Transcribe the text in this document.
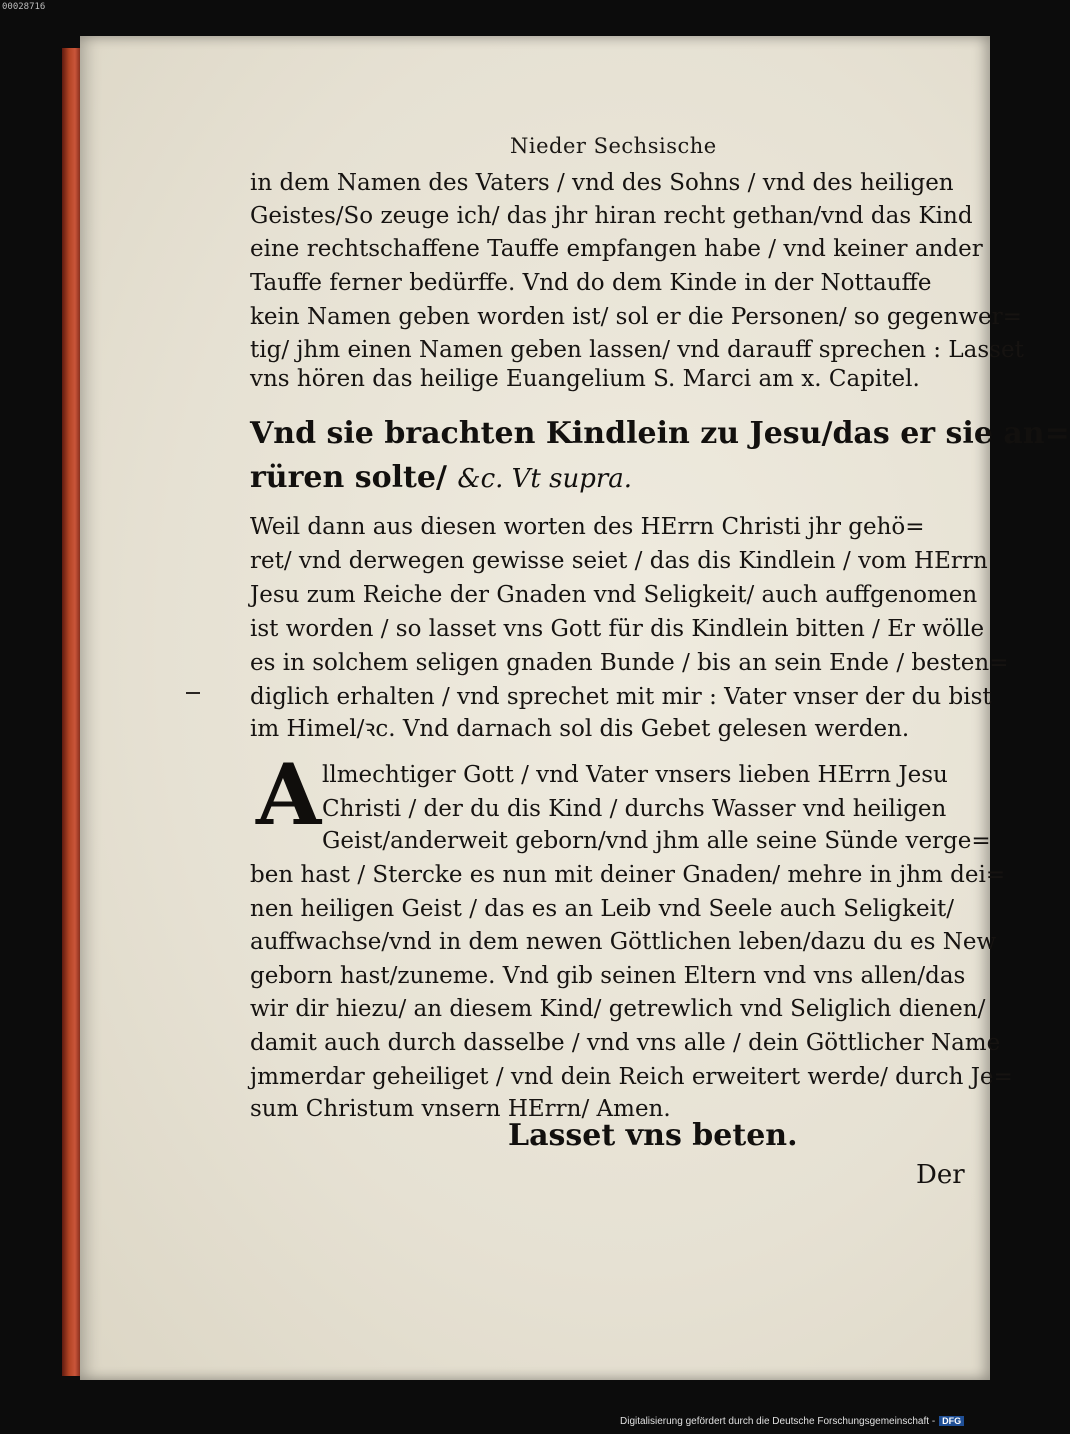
00028716
Nieder Sechsische
in dem Namen des Vaters / vnd des Sohns / vnd des heiligen
Geistes/So zeuge ich/ das jhr hiran recht gethan/vnd das Kind
eine rechtschaffene Tauffe empfangen habe / vnd keiner ander
Tauffe ferner bedürffe. Vnd do dem Kinde in der Nottauffe
kein Namen geben worden ist/ sol er die Personen/ so gegenwer=
tig/ jhm einen Namen geben lassen/ vnd darauff sprechen : Lasset
vns hören das heilige Euangelium S. Marci am x. Capitel.
Vnd sie brachten Kindlein zu Jesu/das er sie an=
rüren solte/ &c. Vt supra.
Weil dann aus diesen worten des HErrn Christi jhr gehö=
ret/ vnd derwegen gewisse seiet / das dis Kindlein / vom HErrn
Jesu zum Reiche der Gnaden vnd Seligkeit/ auch auffgenomen
ist worden / so lasset vns Gott für dis Kindlein bitten / Er wölle
es in solchem seligen gnaden Bunde / bis an sein Ende / besten=
diglich erhalten / vnd sprechet mit mir : Vater vnser der du bist
im Himel/ꝛc. Vnd darnach sol dis Gebet gelesen werden.
A llmechtiger Gott / vnd Vater vnsers lieben HErrn Jesu
Christi / der du dis Kind / durchs Wasser vnd heiligen
Geist/anderweit geborn/vnd jhm alle seine Sünde verge=
ben hast / Stercke es nun mit deiner Gnaden/ mehre in jhm dei=
nen heiligen Geist / das es an Leib vnd Seele auch Seligkeit/
auffwachse/vnd in dem newen Göttlichen leben/dazu du es New
geborn hast/zuneme. Vnd gib seinen Eltern vnd vns allen/das
wir dir hiezu/ an diesem Kind/ getrewlich vnd Seliglich dienen/
damit auch durch dasselbe / vnd vns alle / dein Göttlicher Name
jmmerdar geheiliget / vnd dein Reich erweitert werde/ durch Je=
sum Christum vnsern HErrn/ Amen.
Lasset vns beten.
Der
Digitalisierung gefördert durch die Deutsche Forschungsgemeinschaft - DFG
